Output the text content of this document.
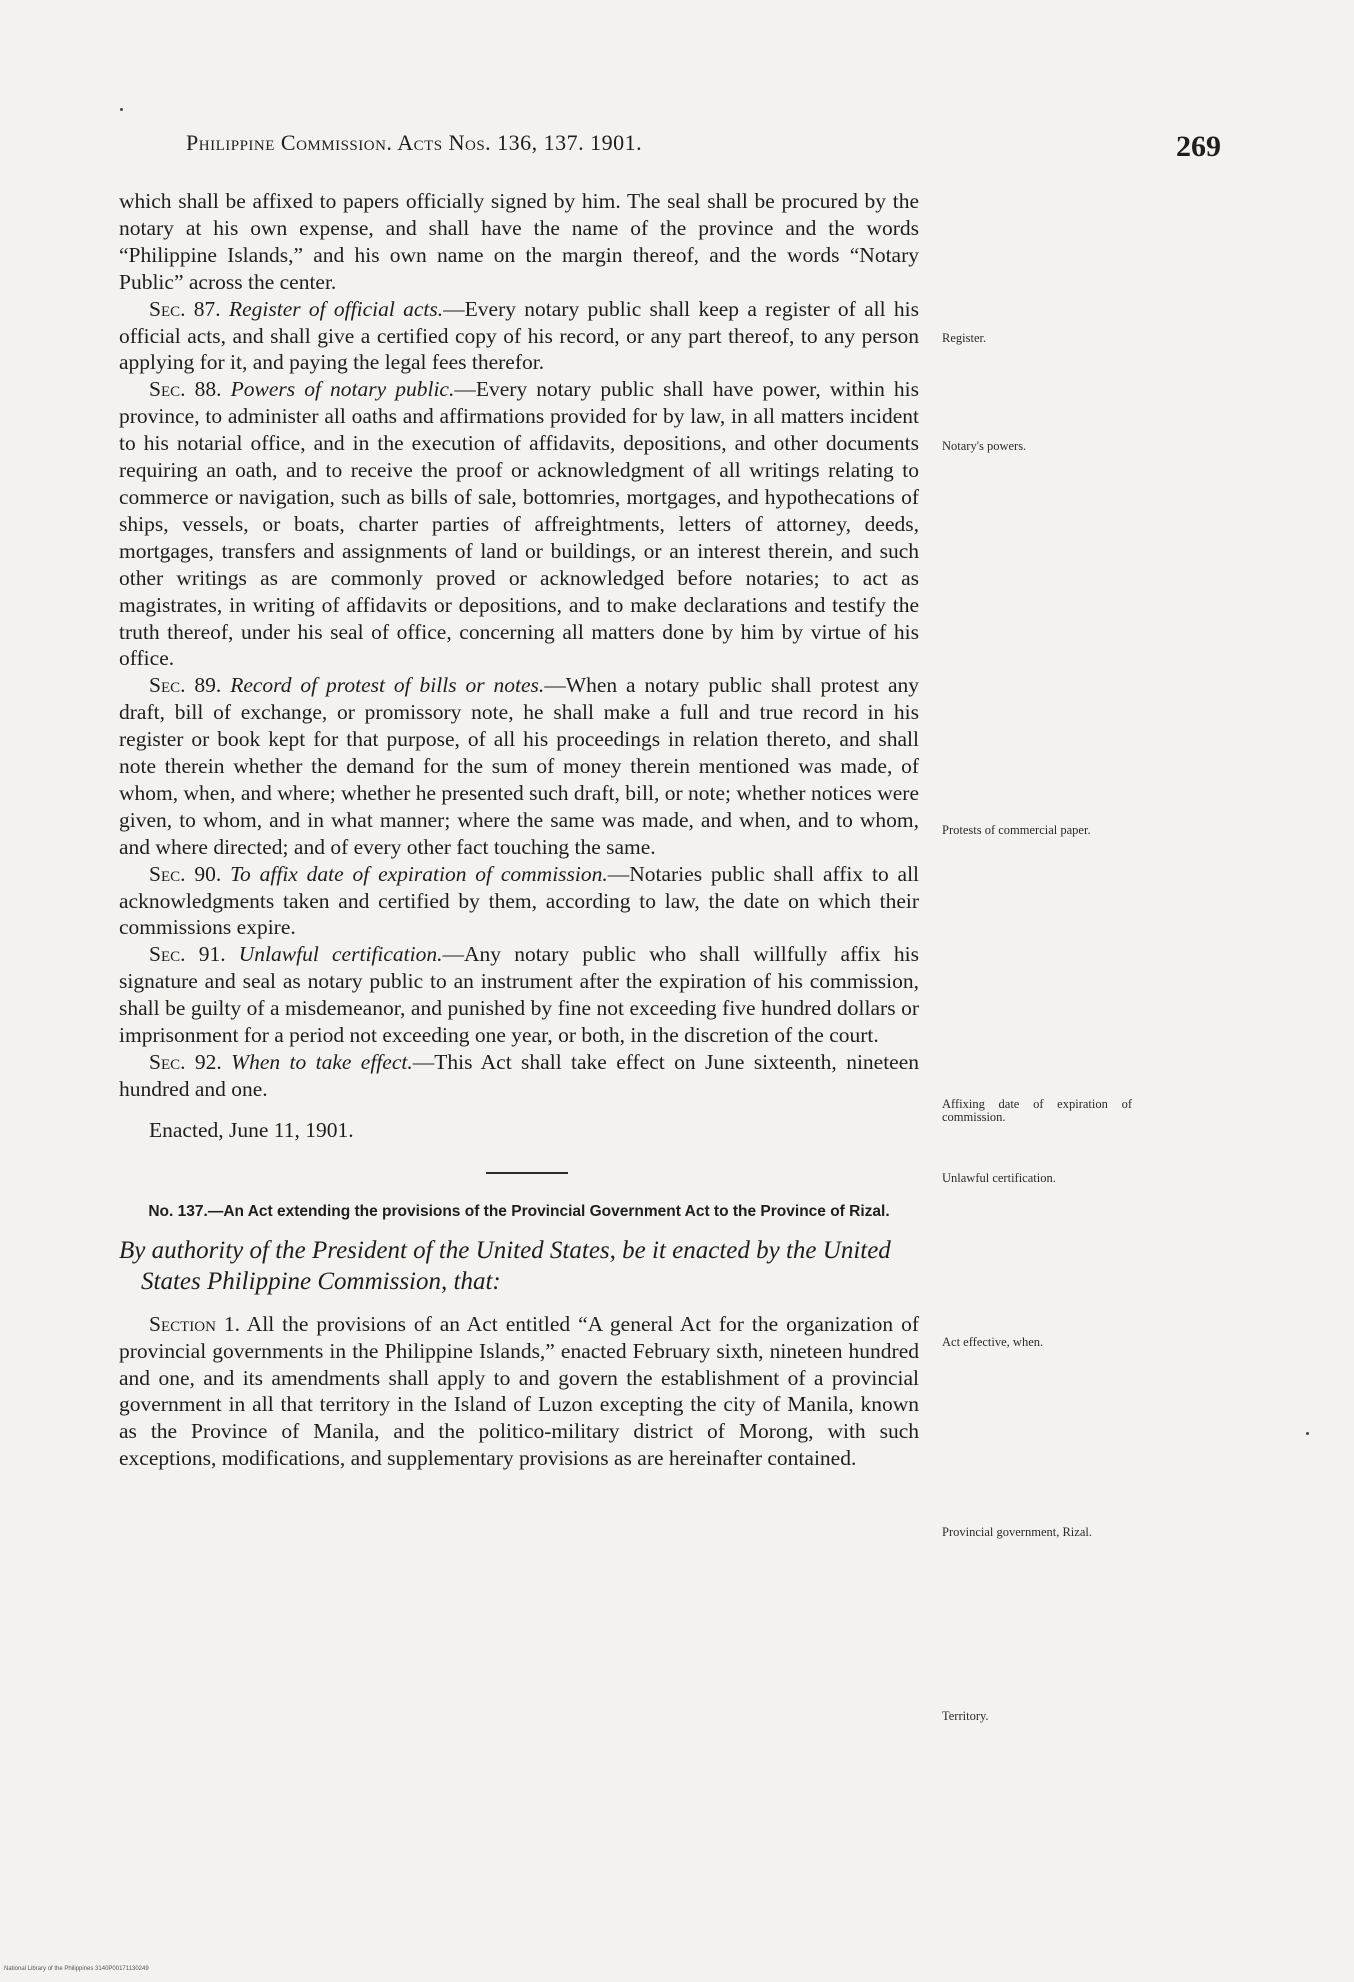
Philippine Commission. Acts Nos. 136, 137. 1901.	269

which shall be affixed to papers officially signed by him. The seal shall be procured by the notary at his own expense, and shall have the name of the province and the words “Philippine Islands,” and his own name on the margin thereof, and the words “Notary Public” across the center.

Sec. 87. Register of official acts.—Every notary public shall keep a register of all his official acts, and shall give a certified copy of his record, or any part thereof, to any person applying for it, and paying the legal fees therefor.

Sec. 88. Powers of notary public.—Every notary public shall have power, within his province, to administer all oaths and affirmations provided for by law, in all matters incident to his notarial office, and in the execution of affidavits, depositions, and other documents requiring an oath, and to receive the proof or acknowledgment of all writings relating to commerce or navigation, such as bills of sale, bottomries, mortgages, and hypothecations of ships, vessels, or boats, charter parties of affreightments, letters of attorney, deeds, mortgages, transfers and assignments of land or buildings, or an interest therein, and such other writings as are commonly proved or acknowledged before notaries; to act as magistrates, in writing of affidavits or depositions, and to make declarations and testify the truth thereof, under his seal of office, concerning all matters done by him by virtue of his office.

Sec. 89. Record of protest of bills or notes.—When a notary public shall protest any draft, bill of exchange, or promissory note, he shall make a full and true record in his register or book kept for that purpose, of all his proceedings in relation thereto, and shall note therein whether the demand for the sum of money therein mentioned was made, of whom, when, and where; whether he presented such draft, bill, or note; whether notices were given, to whom, and in what manner; where the same was made, and when, and to whom, and where directed; and of every other fact touching the same.

Sec. 90. To affix date of expiration of commission.—Notaries public shall affix to all acknowledgments taken and certified by them, according to law, the date on which their commissions expire.

Sec. 91. Unlawful certification.—Any notary public who shall willfully affix his signature and seal as notary public to an instrument after the expiration of his commission, shall be guilty of a misdemeanor, and punished by fine not exceeding five hundred dollars or imprisonment for a period not exceeding one year, or both, in the discretion of the court.

Sec. 92. When to take effect.—This Act shall take effect on June sixteenth, nineteen hundred and one.

Enacted, June 11, 1901.

No. 137.—An Act extending the provisions of the Provincial Government Act to the Province of Rizal.

By authority of the President of the United States, be it enacted by the United States Philippine Commission, that:

Section 1. All the provisions of an Act entitled “A general Act for the organization of provincial governments in the Philippine Islands,” enacted February sixth, nineteen hundred and one, and its amendments shall apply to and govern the establishment of a provincial government in all that territory in the Island of Luzon excepting the city of Manila, known as the Province of Manila, and the politico-military district of Morong, with such exceptions, modifications, and supplementary provisions as are hereinafter contained.

Register.
Notary's powers.
Protests of commercial paper.
Affixing date of expiration of commission.
Unlawful certification.
Act effective, when.
Provincial government, Rizal.
Territory.
National Library of the Philippines 3140P00171130249
